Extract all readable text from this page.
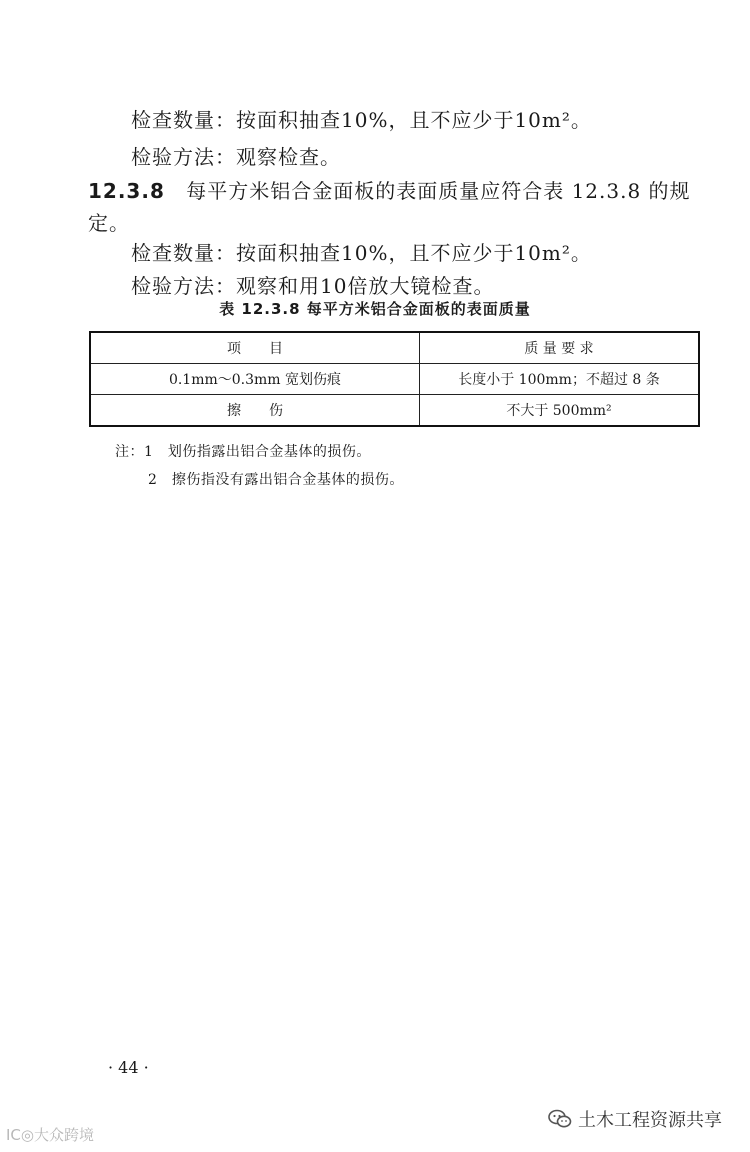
检查数量：按面积抽查10%，且不应少于10m²。
检验方法：观察检查。
12.3.8 每平方米铝合金面板的表面质量应符合表 12.3.8 的规
定。
检查数量：按面积抽查10%，且不应少于10m²。
检验方法：观察和用10倍放大镜检查。
表 12.3.8 每平方米铝合金面板的表面质量
项　　目	质 量 要 求
0.1mm～0.3mm 宽划伤痕	长度小于 100mm；不超过 8 条
擦　　伤	不大于 500mm²
注：1　划伤指露出铝合金基体的损伤。
2　擦伤指没有露出铝合金基体的损伤。
· 44 ·
土木工程资源共享
IC◎大众跨境
